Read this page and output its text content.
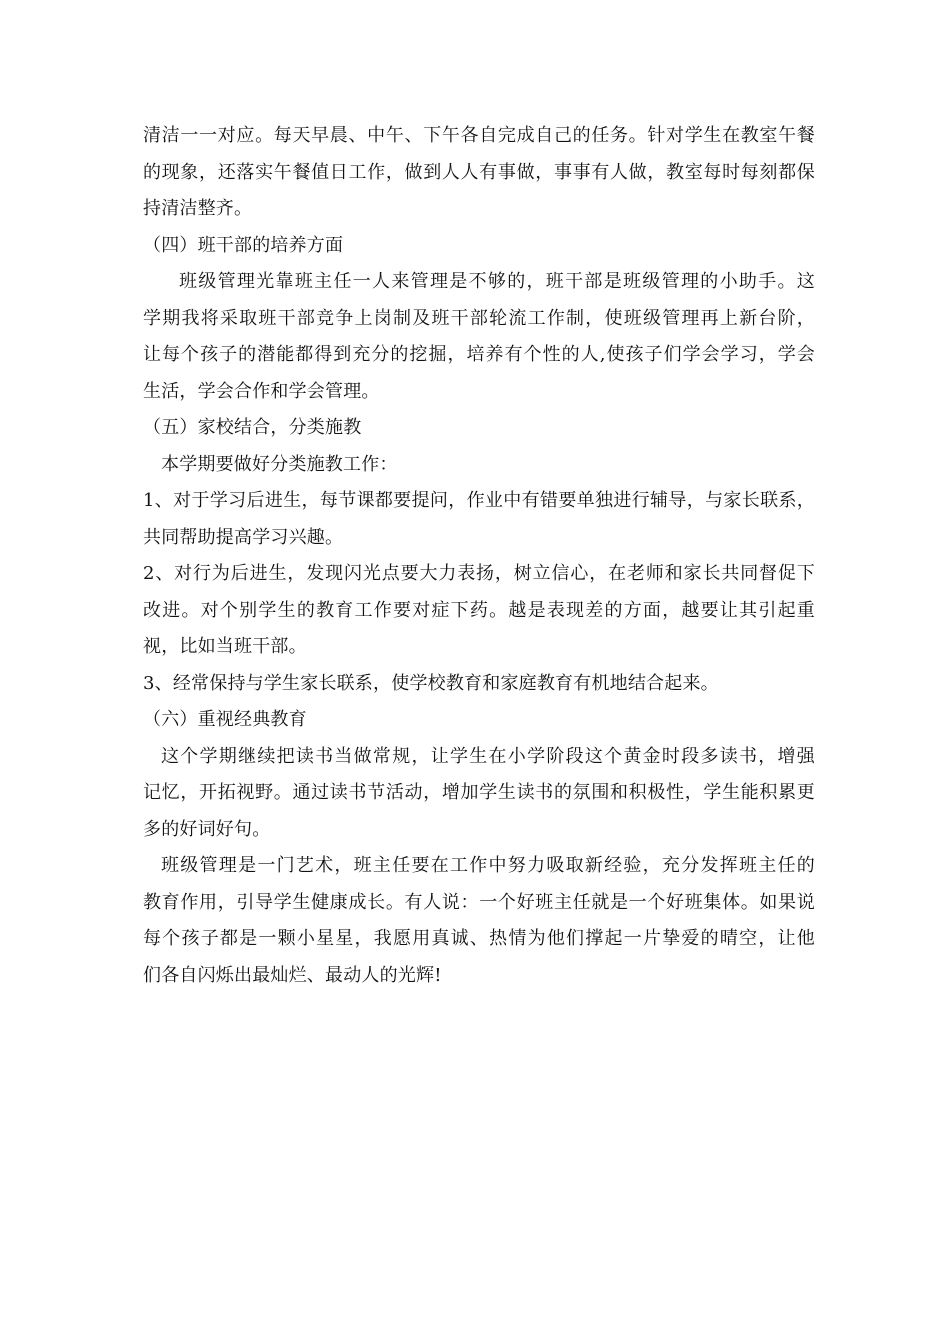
清洁一一对应。每天早晨、中午、下午各自完成自己的任务。针对学生在教室午餐
的现象，还落实午餐值日工作，做到人人有事做，事事有人做，教室每时每刻都保
持清洁整齐。
（四）班干部的培养方面
班级管理光靠班主任一人来管理是不够的，班干部是班级管理的小助手。这
学期我将采取班干部竞争上岗制及班干部轮流工作制，使班级管理再上新台阶，
让每个孩子的潜能都得到充分的挖掘，培养有个性的人,使孩子们学会学习，学会
生活，学会合作和学会管理。
（五）家校结合，分类施教
本学期要做好分类施教工作：
1、对于学习后进生，每节课都要提问，作业中有错要单独进行辅导，与家长联系，
共同帮助提高学习兴趣。
2、对行为后进生，发现闪光点要大力表扬，树立信心，在老师和家长共同督促下
改进。对个别学生的教育工作要对症下药。越是表现差的方面，越要让其引起重
视，比如当班干部。
3、经常保持与学生家长联系，使学校教育和家庭教育有机地结合起来。
（六）重视经典教育
这个学期继续把读书当做常规，让学生在小学阶段这个黄金时段多读书，增强
记忆，开拓视野。通过读书节活动，增加学生读书的氛围和积极性，学生能积累更
多的好词好句。
班级管理是一门艺术，班主任要在工作中努力吸取新经验，充分发挥班主任的
教育作用，引导学生健康成长。有人说：一个好班主任就是一个好班集体。如果说
每个孩子都是一颗小星星，我愿用真诚、热情为他们撑起一片挚爱的晴空，让他
们各自闪烁出最灿烂、最动人的光辉!
